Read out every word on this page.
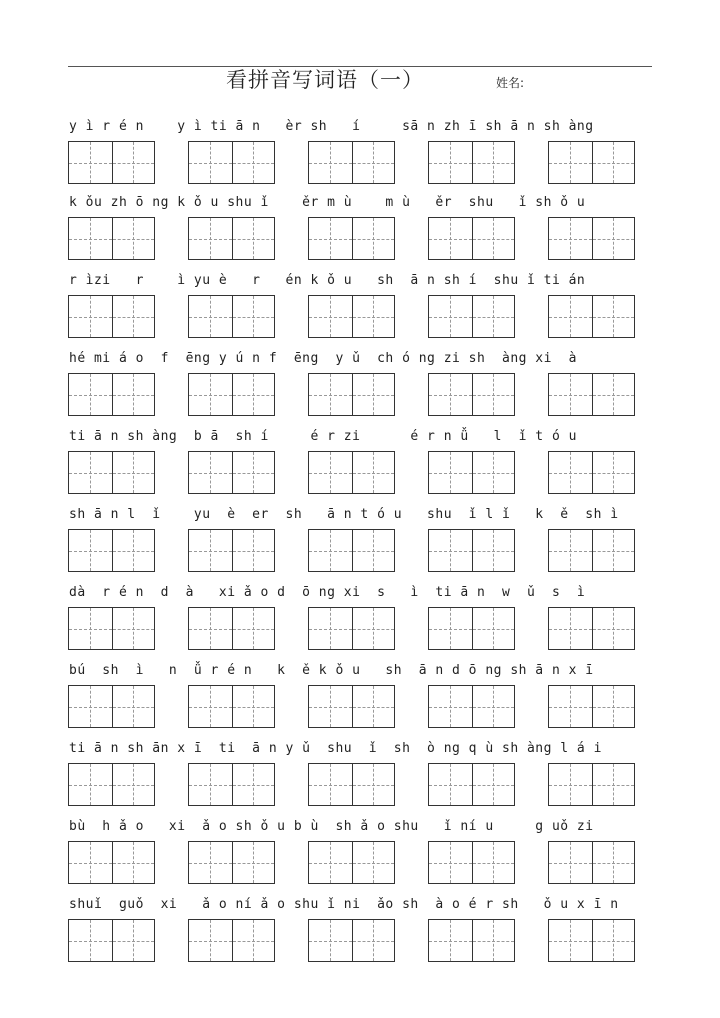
看拼音写词语（一）	姓名:
y ì r é n    y ì ti ā n   èr sh   í     sā n zh ī sh ā n sh àng
k ǒu zh ō ng k ǒ u shu ǐ    ěr m ù    m ù   ěr  shu   ǐ sh ǒ u
r ìzi   r    ì yu è   r   én k ǒ u   sh  ā n sh í  shu ǐ ti án
hé mi á o  f  ēng y ú n f  ēng  y ǔ  ch ó ng zi sh  àng xi  à
ti ā n sh àng  b ā  sh í     é r zi      é r n ǚ   l  ǐ t ó u
sh ā n l  ǐ    yu  è  er  sh   ā n t ó u   shu  ǐ l ǐ   k  ě  sh ì
dà  r é n  d  à   xi ǎ o d  ō ng xi  s   ì  ti ā n  w  ǔ  s  ì
bú  sh  ì   n  ǚ r é n   k  ě k ǒ u   sh  ā n d ō ng sh ā n x ī
ti ā n sh ān x ī  ti  ā n y ǔ  shu  ǐ  sh  ò ng q ù sh àng l á i
bù  h ǎ o   xi  ǎ o sh ǒ u b ù  sh ǎ o shu   ǐ ní u     g uǒ zi
shuǐ  guǒ  xi   ǎ o ní ǎ o shu ǐ ni  ǎo sh  à o é r sh   ǒ u x ī n
